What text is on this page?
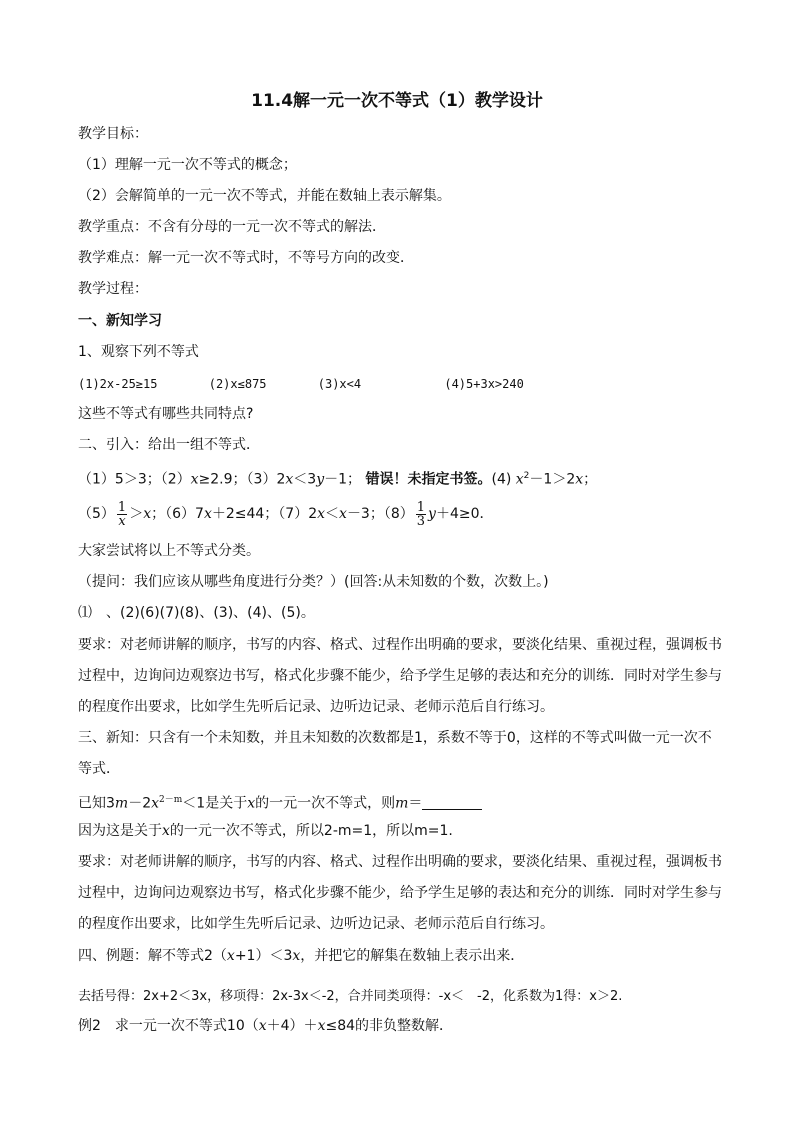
11.4解一元一次不等式（1）教学设计
教学目标：
（1）理解一元一次不等式的概念；
（2）会解简单的一元一次不等式，并能在数轴上表示解集。
教学重点：不含有分母的一元一次不等式的解法．
教学难点：解一元一次不等式时，不等号方向的改变．
教学过程：
一、新知学习
1、观察下列不等式
(1)2x-25≥15	(2)x≤875	(3)x<4	(4)5+3x>240
这些不等式有哪些共同特点?
二、引入：给出一组不等式．
（1）5＞3；（2）x≥2.9；（3）2x＜3y－1； 错误！未指定书签。(4) $x^2-1>2x$；
$(5) \frac{1}{x} >x$；（6）7x＋2≤44；（7）2x＜x－3；$(8) \frac{1}{3} y+4\ge 0$．
大家尝试将以上不等式分类。
（提问：我们应该从哪些角度进行分类？）(回答:从未知数的个数，次数上。)
⑴　、(2)(6)(7)(8)、(3)、(4)、(5)。
要求：对老师讲解的顺序，书写的内容、格式、过程作出明确的要求，要淡化结果、重视过程，强调板书
过程中，边询问边观察边书写，格式化步骤不能少，给予学生足够的表达和充分的训练．同时对学生参与
的程度作出要求，比如学生先听后记录、边听边记录、老师示范后自行练习。
三、新知：只含有一个未知数，并且未知数的次数都是1，系数不等于0，这样的不等式叫做一元一次不
等式．
已知$3m-2x^{2-m}<1$是关于x的一元一次不等式，则m＝
因为这是关于x的一元一次不等式，所以2-m=1，所以m=1.
要求：对老师讲解的顺序，书写的内容、格式、过程作出明确的要求，要淡化结果、重视过程，强调板书
过程中，边询问边观察边书写，格式化步骤不能少，给予学生足够的表达和充分的训练．同时对学生参与
的程度作出要求，比如学生先听后记录、边听边记录、老师示范后自行练习。
四、例题：解不等式2（x+1）＜3x，并把它的解集在数轴上表示出来．
去括号得：2x+2＜3x，移项得：2x-3x＜-2，合并同类项得：-x＜　-2，化系数为1得：x＞2.
例2　求一元一次不等式10（x＋4）＋x≤84的非负整数解．
